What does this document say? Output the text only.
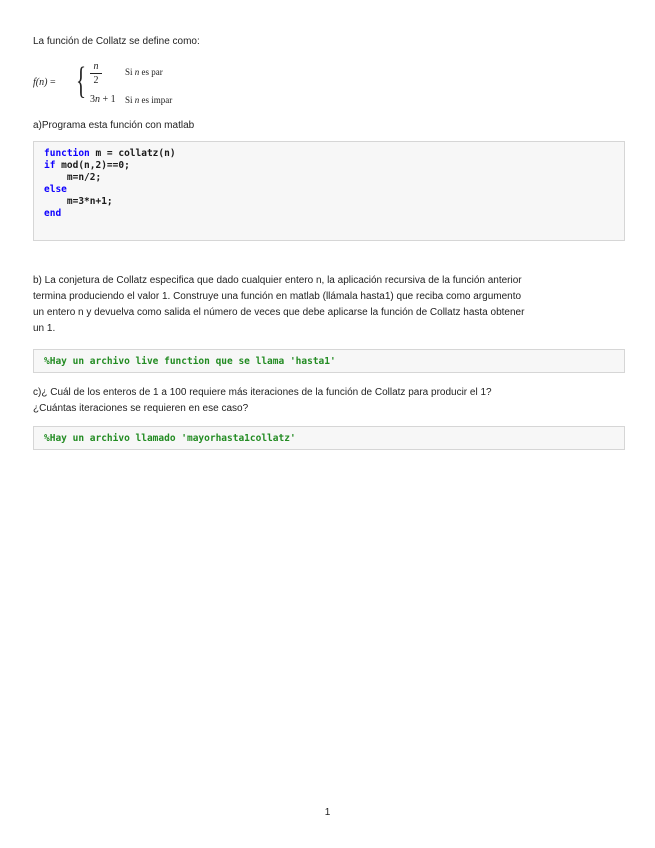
La función de Collatz se define como:
f(n) = { n
2
Si n es par
3n + 1 Si n es impar
a)Programa esta función con matlab
function m = collatz(n)
if mod(n,2)==0;
m=n/2;
else
m=3*n+1;
end
b) La conjetura de Collatz especifica que dado cualquier entero n, la aplicación recursiva de la función anterior
termina produciendo el valor 1. Construye una función en matlab (llámala hasta1) que reciba como argumento
un entero n y devuelva como salida el número de veces que debe aplicarse la función de Collatz hasta obtener
un 1.
%Hay un archivo live function que se llama 'hasta1'
c)¿ Cuál de los enteros de 1 a 100 requiere más iteraciones de la función de Collatz para producir el 1?
¿Cuántas iteraciones se requieren en ese caso?
%Hay un archivo llamado 'mayorhasta1collatz'
1
